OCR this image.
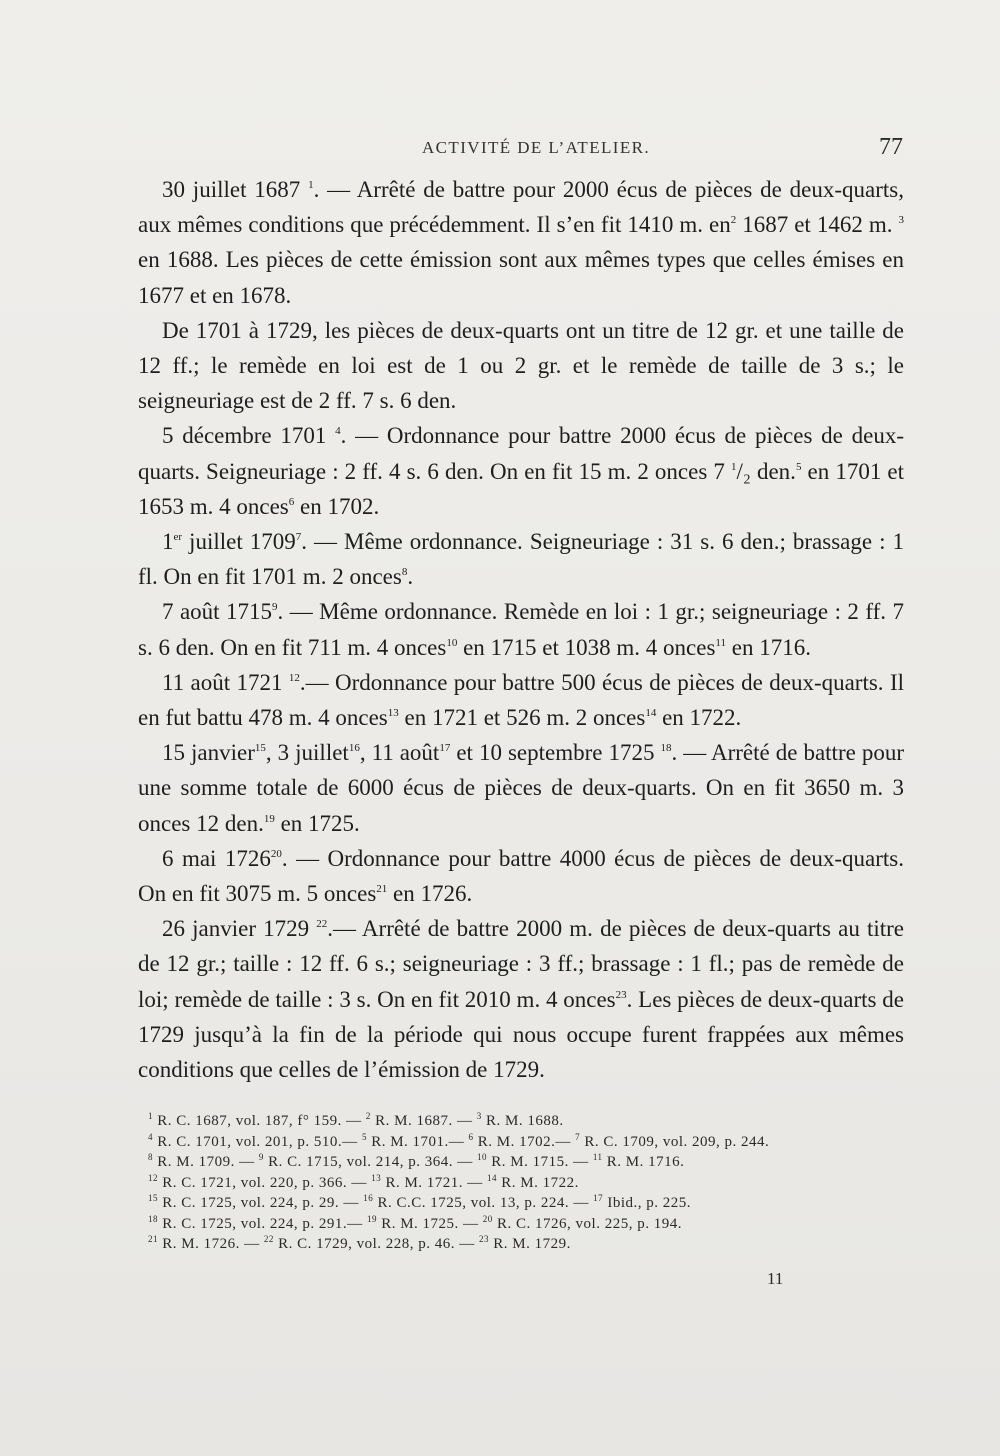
ACTIVITÉ DE L’ATELIER.	77

30 juillet 1687 $^1$. — Arrêté de battre pour 2000 écus de pièces de deux-quarts, aux mêmes conditions que précédemment. Il s’en fit 1410 m. $en^2$ 1687 et 1462 m. $^3$ en 1688. Les pièces de cette émission sont aux mêmes types que celles émises en 1677 et en 1678.

De 1701 à 1729, les pièces de deux-quarts ont un titre de 12 gr. et une taille de 12 ff.; le remède en loi est de 1 ou 2 gr. et le remède de taille de 3 s.; le seigneuriage est de 2 ff. 7 s. 6 den.

5 décembre 1701 $^4$. — Ordonnance pour battre 2000 écus de pièces de deux-quarts. Seigneuriage : 2 ff. 4 s. 6 den. On en fit 15 m. 2 onces 7 $^1$/₂ den.$^5$ en 1701 et 1653 m. 4 onces$^6$ en 1702.

1er juillet 1709$^7$. — Même ordonnance. Seigneuriage : 31 s. 6 den.; brassage : 1 fl. On en fit 1701 m. 2 onces$^8$.

7 août 1715$^9$. — Même ordonnance. Remède en loi : 1 gr.; seigneuriage : 2 ff. 7 s. 6 den. On en fit 711 m. 4 onces$^{10}$ en 1715 et 1038 m. 4 onces$^{11}$ en 1716.

11 août 1721 $^{12}$.— Ordonnance pour battre 500 écus de pièces de deux-quarts. Il en fut battu 478 m. 4 onces$^{13}$ en 1721 et 526 m. 2 onces$^{14}$ en 1722.

15 janvier$^{15}$, 3 juillet$^{16}$, 11 août$^{17}$ et 10 septembre 1725 $^{18}$. — Arrêté de battre pour une somme totale de 6000 écus de pièces de deux-quarts. On en fit 3650 m. 3 onces 12 den.$^{19}$ en 1725.

6 mai 1726$^{20}$. — Ordonnance pour battre 4000 écus de pièces de deux-quarts. On en fit 3075 m. 5 onces$^{21}$ en 1726.

26 janvier 1729 $^{22}$.— Arrêté de battre 2000 m. de pièces de deux-quarts au titre de 12 gr.; taille : 12 ff. 6 s.; seigneuriage : 3 ff.; brassage : 1 fl.; pas de remède de loi; remède de taille : 3 s. On en fit 2010 m. 4 onces$^{23}$. Les pièces de deux-quarts de 1729 jusqu’à la fin de la période qui nous occupe furent frappées aux mêmes conditions que celles de l’émission de 1729.

$^1$ R. C. 1687, vol. 187, f° 159. — $^2$ R. M. 1687. — $^3$ R. M. 1688.
$^4$ R. C. 1701, vol. 201, p. 510.— $^5$ R. M. 1701.— $^6$ R. M. 1702.— $^7$ R. C. 1709, vol. 209, p. 244.
$^8$ R. M. 1709. — $^9$ R. C. 1715, vol. 214, p. 364. — $^{10}$ R. M. 1715. — $^{11}$ R. M. 1716.
$^{12}$ R. C. 1721, vol. 220, p. 366. — $^{13}$ R. M. 1721. — $^{14}$ R. M. 1722.
$^{15}$ R. C. 1725, vol. 224, p. 29. — $^{16}$ R. C.C. 1725, vol. 13, p. 224. — $^{17}$ Ibid., p. 225.
$^{18}$ R. C. 1725, vol. 224, p. 291.— $^{19}$ R. M. 1725. — $^{20}$ R. C. 1726, vol. 225, p. 194.
$^{21}$ R. M. 1726. — $^{22}$ R. C. 1729, vol. 228, p. 46. — $^{23}$ R. M. 1729.
11
